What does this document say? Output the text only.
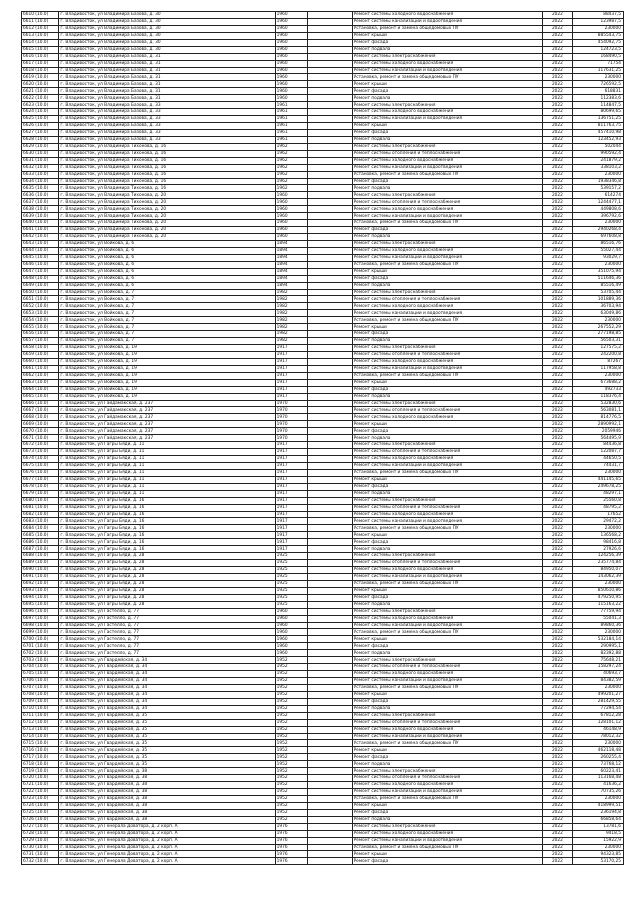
6610 (10.0)	г. Владивосток, ул Владимира Базова, д. 30	1960		Ремонт системы холодного водоснабжения	2022	88437,5
6611 (10.0)	г. Владивосток, ул Владимира Базова, д. 30	1960		Ремонт системы канализации и водоотведения	2022	123987,5
6612 (10.0)	г. Владивосток, ул Владимира Базова, д. 30	1960		Установка, ремонт и замена общедомовых ПУ	2022	230000
6613 (10.0)	г. Владивосток, ул Владимира Базова, д. 30	1960		Ремонт крыши	2022	885543,75
6614 (10.0)	г. Владивосток, ул Владимира Базова, д. 30	1960		Ремонт фасада	2022	454092,75
6615 (10.0)	г. Владивосток, ул Владимира Базова, д. 30	1960		Ремонт подвала	2022	124723,5
6616 (10.0)	г. Владивосток, ул Владимира Базова, д. 31	1960		Ремонт системы электроснабжения	2022	168490,5
6617 (10.0)	г. Владивосток, ул Владимира Базова, д. 31	1960		Ремонт системы холодного водоснабжения	2022	71754
6618 (10.0)	г. Владивосток, ул Владимира Базова, д. 31	1960		Ремонт системы канализации и водоотведения	2022	117631,25
6619 (10.0)	г. Владивосток, ул Владимира Базова, д. 31	1960		Установка, ремонт и замена общедомовых ПУ	2022	230000
6620 (10.0)	г. Владивосток, ул Владимира Базова, д. 31	1960		Ремонт крыши	2022	726592,5
6621 (10.0)	г. Владивосток, ул Владимира Базова, д. 31	1960		Ремонт фасада	2022	618831
6622 (10.0)	г. Владивосток, ул Владимира Базова, д. 31	1960		Ремонт подвала	2022	112383,6
6623 (10.0)	г. Владивосток, ул Владимира Базова, д. 33	1961		Ремонт системы электроснабжения	2022	114847,5
6624 (10.0)	г. Владивосток, ул Владимира Базова, д. 33	1961		Ремонт системы холодного водоснабжения	2022	80699,65
6625 (10.0)	г. Владивосток, ул Владимира Базова, д. 33	1961		Ремонт системы канализации и водоотведения	2022	136751,25
6626 (10.0)	г. Владивосток, ул Владимира Базова, д. 33	1961		Ремонт крыши	2022	811763,75
6627 (10.0)	г. Владивосток, ул Владимира Базова, д. 33	1961		Ремонт фасада	2022	457410,98
6628 (10.0)	г. Владивосток, ул Владимира Базова, д. 33	1961		Ремонт подвала	2022	123452,93
6629 (10.0)	г. Владивосток, ул Владимира Тихонова, д. 16	1962		Ремонт системы электроснабжения	2022	502044
6630 (10.0)	г. Владивосток, ул Владимира Тихонова, д. 16	1962		Ремонт системы отопления и теплоснабжения	2022	990592,4
6631 (10.0)	г. Владивосток, ул Владимира Тихонова, д. 16	1962		Ремонт системы холодного водоснабжения	2022	241879,2
6632 (10.0)	г. Владивосток, ул Владимира Тихонова, д. 16	1962		Ремонт системы канализации и водоотведения	2022	338103,2
6633 (10.0)	г. Владивосток, ул Владимира Тихонова, д. 16	1962		Установка, ремонт и замена общедомовых ПУ	2022	230000
6634 (10.0)	г. Владивосток, ул Владимира Тихонова, д. 16	1962		Ремонт фасада	2022	1938346,8
6635 (10.0)	г. Владивосток, ул Владимира Тихонова, д. 16	1962		Ремонт подвала	2022	539157,2
6636 (10.0)	г. Владивосток, ул Владимира Тихонова, д. 20	1960		Ремонт системы электроснабжения	2022	614274
6637 (10.0)	г. Владивосток, ул Владимира Тихонова, д. 20	1960		Ремонт системы отопления и теплоснабжения	2022	1244477,1
6638 (10.0)	г. Владивосток, ул Владимира Тихонова, д. 20	1960		Ремонт системы холодного водоснабжения	2022	449808,6
6639 (10.0)	г. Владивосток, ул Владимира Тихонова, д. 20	1960		Ремонт системы канализации и водоотведения	2022	396792,6
6640 (10.0)	г. Владивосток, ул Владимира Тихонова, д. 20	1960		Установка, ремонт и замена общедомовых ПУ	2022	230000
6641 (10.0)	г. Владивосток, ул Владимира Тихонова, д. 20	1960		Ремонт фасада	2022	2940268,4
6642 (10.0)	г. Владивосток, ул Владимира Тихонова, д. 20	1960		Ремонт подвала	2022	697608,8
6643 (10.0)	г. Владивосток, ул Войкова, д. 6	1894		Ремонт системы электроснабжения	2022	86516,76
6644 (10.0)	г. Владивосток, ул Войкова, д. 6	1894		Ремонт системы холодного водоснабжения	2022	55027,44
6645 (10.0)	г. Владивосток, ул Войкова, д. 6	1894		Ремонт системы канализации и водоотведения	2022	93029,7
6646 (10.0)	г. Владивосток, ул Войкова, д. 6	1894		Установка, ремонт и замена общедомовых ПУ	2022	230000
6647 (10.0)	г. Владивосток, ул Войкова, д. 6	1894		Ремонт крыши	2022	351075,94
6648 (10.0)	г. Владивосток, ул Войкова, д. 6	1894		Ремонт фасада	2022	511646,36
6649 (10.0)	г. Владивосток, ул Войкова, д. 6	1894		Ремонт подвала	2022	85516,49
6650 (10.0)	г. Владивосток, ул Войкова, д. 7	1982		Ремонт системы электроснабжения	2022	53705,44
6651 (10.0)	г. Владивосток, ул Войкова, д. 7	1982		Ремонт системы отопления и теплоснабжения	2022	101889,36
6652 (10.0)	г. Владивосток, ул Войкова, д. 7	1982		Ремонт системы холодного водоснабжения	2022	36703,94
6653 (10.0)	г. Владивосток, ул Войкова, д. 7	1982		Ремонт системы канализации и водоотведения	2022	63049,86
6654 (10.0)	г. Владивосток, ул Войкова, д. 7	1982		Установка, ремонт и замена общедомовых ПУ	2022	230000
6655 (10.0)	г. Владивосток, ул Войкова, д. 7	1982		Ремонт крыши	2022	267552,29
6656 (10.0)	г. Владивосток, ул Войкова, д. 7	1982		Ремонт фасада	2022	277198,85
6657 (10.0)	г. Владивосток, ул Войкова, д. 7	1982		Ремонт подвала	2022	56503,31
6658 (10.0)	г. Владивосток, ул Войкова, д. 19	1917		Ремонт системы электроснабжения	2022	127575,2
6659 (10.0)	г. Владивосток, ул Войкова, д. 19	1917		Ремонт системы отопления и теплоснабжения	2022	242200,8
6660 (10.0)	г. Владивосток, ул Войкова, д. 19	1917		Ремонт системы холодного водоснабжения	2022	87267
6661 (10.0)	г. Владивосток, ул Войкова, д. 19	1917		Ремонт системы канализации и водоотведения	2022	117958,8
6662 (10.0)	г. Владивосток, ул Войкова, д. 19	1917		Установка, ремонт и замена общедомовых ПУ	2022	230000
6663 (10.0)	г. Владивосток, ул Войкова, д. 19	1917		Ремонт крыши	2022	673688,2
6664 (10.0)	г. Владивосток, ул Войкова, д. 19	1917		Ремонт фасада	2022	492733
6665 (10.0)	г. Владивосток, ул Войкова, д. 19	1917		Ремонт подвала	2022	118376,4
6666 (10.0)	г. Владивосток, ул Гайдамакская, д. 237	1970		Ремонт системы электроснабжения	2022	532830,6
6667 (10.0)	г. Владивосток, ул Гайдамакская, д. 237	1970		Ремонт системы отопления и теплоснабжения	2022	563081,1
6668 (10.0)	г. Владивосток, ул Гайдамакская, д. 237	1970		Ремонт системы холодного водоснабжения	2022	814776,5
6669 (10.0)	г. Владивосток, ул Гайдамакская, д. 237	1970		Ремонт крыши	2022	2890992,1
6670 (10.0)	г. Владивосток, ул Гайдамакская, д. 237	1970		Ремонт фасада	2022	2059946
6671 (10.0)	г. Владивосток, ул Гайдамакская, д. 237	1970		Ремонт подвала	2022	564495,9
6672 (10.0)	г. Владивосток, ул Гагры Бяди, д. 11	1917		Ремонт системы электроснабжения	2022	84436,8
6673 (10.0)	г. Владивосток, ул Гагры Бяди, д. 11	1917		Ремонт системы отопления и теплоснабжения	2022	122087,7
6674 (10.0)	г. Владивосток, ул Гагры Бяди, д. 11	1917		Ремонт системы холодного водоснабжения	2022	44650,5
6675 (10.0)	г. Владивосток, ул Гагры Бяди, д. 11	1917		Ремонт системы канализации и водоотведения	2022	74431,7
6676 (10.0)	г. Владивосток, ул Гагры Бяди, д. 11	1917		Установка, ремонт и замена общедомовых ПУ	2022	230000
6677 (10.0)	г. Владивосток, ул Гагры Бяди, д. 11	1917		Ремонт крыши	2022	441145,65
6678 (10.0)	г. Владивосток, ул Гагры Бяди, д. 11	1917		Ремонт фасада	2022	249678,25
6679 (10.0)	г. Владивосток, ул Гагры Бяди, д. 11	1917		Ремонт подвала	2022	48297,1
6680 (10.0)	г. Владивосток, ул Гагры Бяди, д. 16	1917		Ремонт системы электроснабжения	2022	25560,8
6681 (10.0)	г. Владивосток, ул Гагры Бяди, д. 16	1917		Ремонт системы отопления и теплоснабжения	2022	48795,2
6682 (10.0)	г. Владивосток, ул Гагры Бяди, д. 16	1917		Ремонт системы холодного водоснабжения	2022	17652
6683 (10.0)	г. Владивосток, ул Гагры Бяди, д. 16	1917		Ремонт системы канализации и водоотведения	2022	29472,2
6684 (10.0)	г. Владивосток, ул Гагры Бяди, д. 16	1917		Установка, ремонт и замена общедомовых ПУ	2022	230000
6685 (10.0)	г. Владивосток, ул Гагры Бяди, д. 16	1917		Ремонт крыши	2022	136568,2
6686 (10.0)	г. Владивосток, ул Гагры Бяди, д. 16	1917		Ремонт фасада	2022	98416,8
6687 (10.0)	г. Владивосток, ул Гагры Бяди, д. 16	1917		Ремонт подвала	2022	27926,6
6688 (10.0)	г. Владивосток, ул Гагры Бяди, д. 28	1925		Ремонт системы электроснабжения	2022	124256,39
6689 (10.0)	г. Владивосток, ул Гагры Бяди, д. 28	1925		Ремонт системы отопления и теплоснабжения	2022	235774,84
6690 (10.0)	г. Владивосток, ул Гагры Бяди, д. 28	1925		Ремонт системы холодного водоснабжения	2022	84950,07
6691 (10.0)	г. Владивосток, ул Гагры Бяди, д. 28	1925		Ремонт системы канализации и водоотведения	2022	143062,39
6692 (10.0)	г. Владивосток, ул Гагры Бяди, д. 28	1925		Установка, ремонт и замена общедомовых ПУ	2022	230000
6693 (10.0)	г. Владивосток, ул Гагры Бяди, д. 28	1925		Ремонт крыши	2022	850610,86
6694 (10.0)	г. Владивосток, ул Гагры Бяди, д. 28	1925		Ремонт фасада	2022	479250,95
6695 (10.0)	г. Владивосток, ул Гагры Бяди, д. 28	1925		Ремонт подвала	2022	115163,22
6696 (10.0)	г. Владивосток, ул Гастелло, д. 77	1960		Ремонт системы электроснабжения	2022	77759,94
6697 (10.0)	г. Владивосток, ул Гастелло, д. 77	1960		Ремонт системы холодного водоснабжения	2022	55041,3
6698 (10.0)	г. Владивосток, ул Гастелло, д. 77	1960		Ремонт системы канализации и водоотведения	2022	89860,36
6699 (10.0)	г. Владивосток, ул Гастелло, д. 77	1960		Установка, ремонт и замена общедомовых ПУ	2022	230000
6700 (10.0)	г. Владивосток, ул Гастелло, д. 77	1960		Ремонт крыши	2022	532184,14
6701 (10.0)	г. Владивосток, ул Гастелло, д. 77	1960		Ремонт фасада	2022	290995,1
6702 (10.0)	г. Владивосток, ул Гастелло, д. 77	1960		Ремонт подвала	2022	82392,88
6703 (10.0)	г. Владивосток, ул Гвардейская, д. 34	1952		Ремонт системы электроснабжения	2022	75648,21
6704 (10.0)	г. Владивосток, ул Гвардейская, д. 34	1952		Ремонт системы отопления и теплоснабжения	2022	158297,24
6705 (10.0)	г. Владивосток, ул Гвардейская, д. 34	1952		Ремонт системы холодного водоснабжения	2022	40693,7
6706 (10.0)	г. Владивосток, ул Гвардейская, д. 34	1952		Ремонт системы канализации и водоотведения	2022	84382,59
6707 (10.0)	г. Владивосток, ул Гвардейская, д. 34	1952		Установка, ремонт и замена общедомовых ПУ	2022	230000
6708 (10.0)	г. Владивосток, ул Гвардейская, д. 34	1952		Ремонт крыши	2022	499201,27
6709 (10.0)	г. Владивосток, ул Гвардейская, д. 34	1952		Ремонт фасада	2022	281429,55
6710 (10.0)	г. Владивосток, ул Гвардейская, д. 34	1952		Ремонт подвала	2022	77294,54
6711 (10.0)	г. Владивосток, ул Гвардейская, д. 35	1952		Ремонт системы электроснабжения	2022	67812,28
6712 (10.0)	г. Владивосток, ул Гвардейская, д. 35	1952		Ремонт системы отопления и теплоснабжения	2022	128101,12
6713 (10.0)	г. Владивосток, ул Гвардейская, д. 35	1952		Ремонт системы холодного водоснабжения	2022	46148,9
6714 (10.0)	г. Владивосток, ул Гвардейская, д. 35	1952		Ремонт системы канализации и водоотведения	2022	78012,32
6715 (10.0)	г. Владивосток, ул Гвардейская, д. 35	1952		Установка, ремонт и замена общедомовых ПУ	2022	230000
6716 (10.0)	г. Владивосток, ул Гвардейская, д. 35	1952		Ремонт крыши	2022	462118,48
6717 (10.0)	г. Владивосток, ул Гвардейская, д. 35	1952		Ремонт фасада	2022	260255,4
6718 (10.0)	г. Владивосток, ул Гвардейская, д. 35	1952		Ремонт подвала	2022	73768,12
6719 (10.0)	г. Владивосток, ул Гвардейская, д. 38	1952		Ремонт системы электроснабжения	2022	60223,41
6720 (10.0)	г. Владивосток, ул Гвардейская, д. 38	1952		Ремонт системы отопления и теплоснабжения	2022	113168,48
6721 (10.0)	г. Владивосток, ул Гвардейская, д. 38	1952		Ремонт системы холодного водоснабжения	2022	41636,2
6722 (10.0)	г. Владивосток, ул Гвардейская, д. 38	1952		Ремонт системы канализации и водоотведения	2022	70735,26
6723 (10.0)	г. Владивосток, ул Гвардейская, д. 38	1952		Установка, ремонт и замена общедомовых ПУ	2022	230000
6724 (10.0)	г. Владивосток, ул Гвардейская, д. 38	1952		Ремонт крыши	2022	418999,51
6725 (10.0)	г. Владивосток, ул Гвардейская, д. 38	1952		Ремонт фасада	2022	236194,8
6726 (10.0)	г. Владивосток, ул Гвардейская, д. 38	1952		Ремонт подвала	2022	66858,64
6727 (10.0)	г. Владивосток, ул Генерала Доватора, д. 2 корп. А	1976		Ремонт системы электроснабжения	2022	13781,6
6728 (10.0)	г. Владивосток, ул Генерала Доватора, д. 2 корп. А	1976		Ремонт системы холодного водоснабжения	2022	9418,5
6729 (10.0)	г. Владивосток, ул Генерала Доватора, д. 2 корп. А	1976		Ремонт системы канализации и водоотведения	2022	15922,9
6730 (10.0)	г. Владивосток, ул Генерала Доватора, д. 2 корп. А	1976		Установка, ремонт и замена общедомовых ПУ	2022	230000
6731 (10.0)	г. Владивосток, ул Генерала Доватора, д. 2 корп. А	1976		Ремонт крыши	2022	94323,85
6732 (10.0)	г. Владивосток, ул Генерала Доватора, д. 2 корп. А	1976		Ремонт фасада	2022	53170,25
